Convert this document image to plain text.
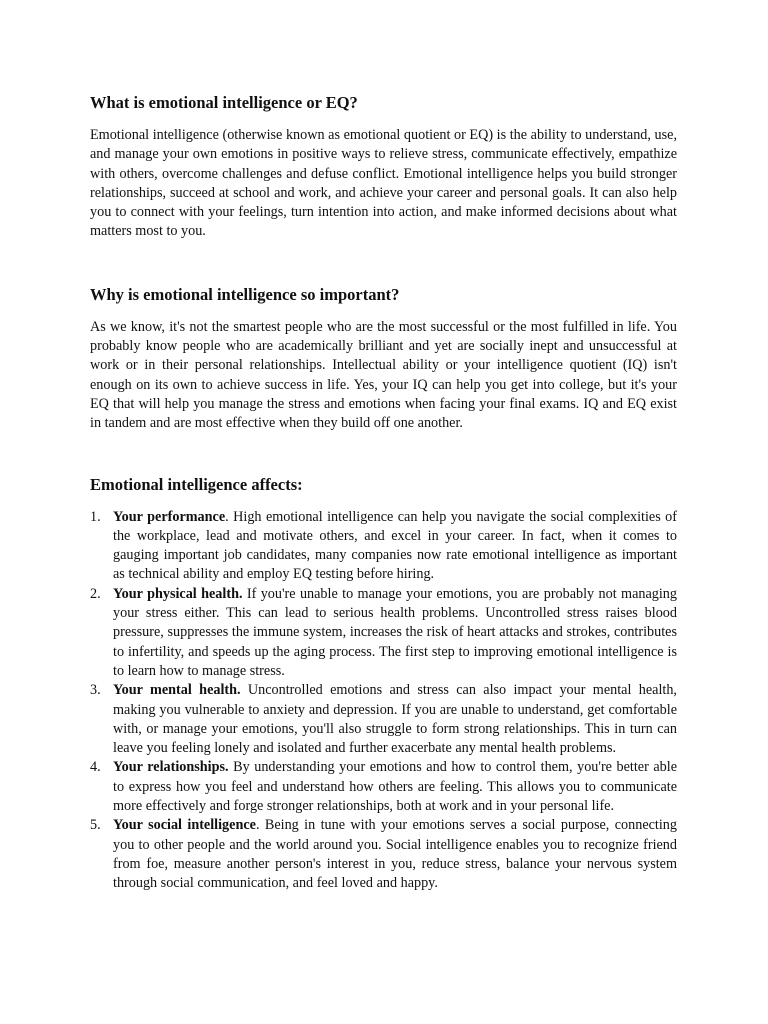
What is emotional intelligence or EQ?

Emotional intelligence (otherwise known as emotional quotient or EQ) is the ability to understand, use, and manage your own emotions in positive ways to relieve stress, communicate effectively, empathize with others, overcome challenges and defuse conflict. Emotional intelligence helps you build stronger relationships, succeed at school and work, and achieve your career and personal goals. It can also help you to connect with your feelings, turn intention into action, and make informed decisions about what matters most to you.

Why is emotional intelligence so important?

As we know, it's not the smartest people who are the most successful or the most fulfilled in life. You probably know people who are academically brilliant and yet are socially inept and unsuccessful at work or in their personal relationships. Intellectual ability or your intelligence quotient (IQ) isn't enough on its own to achieve success in life. Yes, your IQ can help you get into college, but it's your EQ that will help you manage the stress and emotions when facing your final exams. IQ and EQ exist in tandem and are most effective when they build off one another.

Emotional intelligence affects:
1. Your performance. High emotional intelligence can help you navigate the social complexities of the workplace, lead and motivate others, and excel in your career. In fact, when it comes to gauging important job candidates, many companies now rate emotional intelligence as important as technical ability and employ EQ testing before hiring.
2. Your physical health. If you're unable to manage your emotions, you are probably not managing your stress either. This can lead to serious health problems. Uncontrolled stress raises blood pressure, suppresses the immune system, increases the risk of heart attacks and strokes, contributes to infertility, and speeds up the aging process. The first step to improving emotional intelligence is to learn how to manage stress.
3. Your mental health. Uncontrolled emotions and stress can also impact your mental health, making you vulnerable to anxiety and depression. If you are unable to understand, get comfortable with, or manage your emotions, you'll also struggle to form strong relationships. This in turn can leave you feeling lonely and isolated and further exacerbate any mental health problems.
4. Your relationships. By understanding your emotions and how to control them, you're better able to express how you feel and understand how others are feeling. This allows you to communicate more effectively and forge stronger relationships, both at work and in your personal life.
5. Your social intelligence. Being in tune with your emotions serves a social purpose, connecting you to other people and the world around you. Social intelligence enables you to recognize friend from foe, measure another person's interest in you, reduce stress, balance your nervous system through social communication, and feel loved and happy.
